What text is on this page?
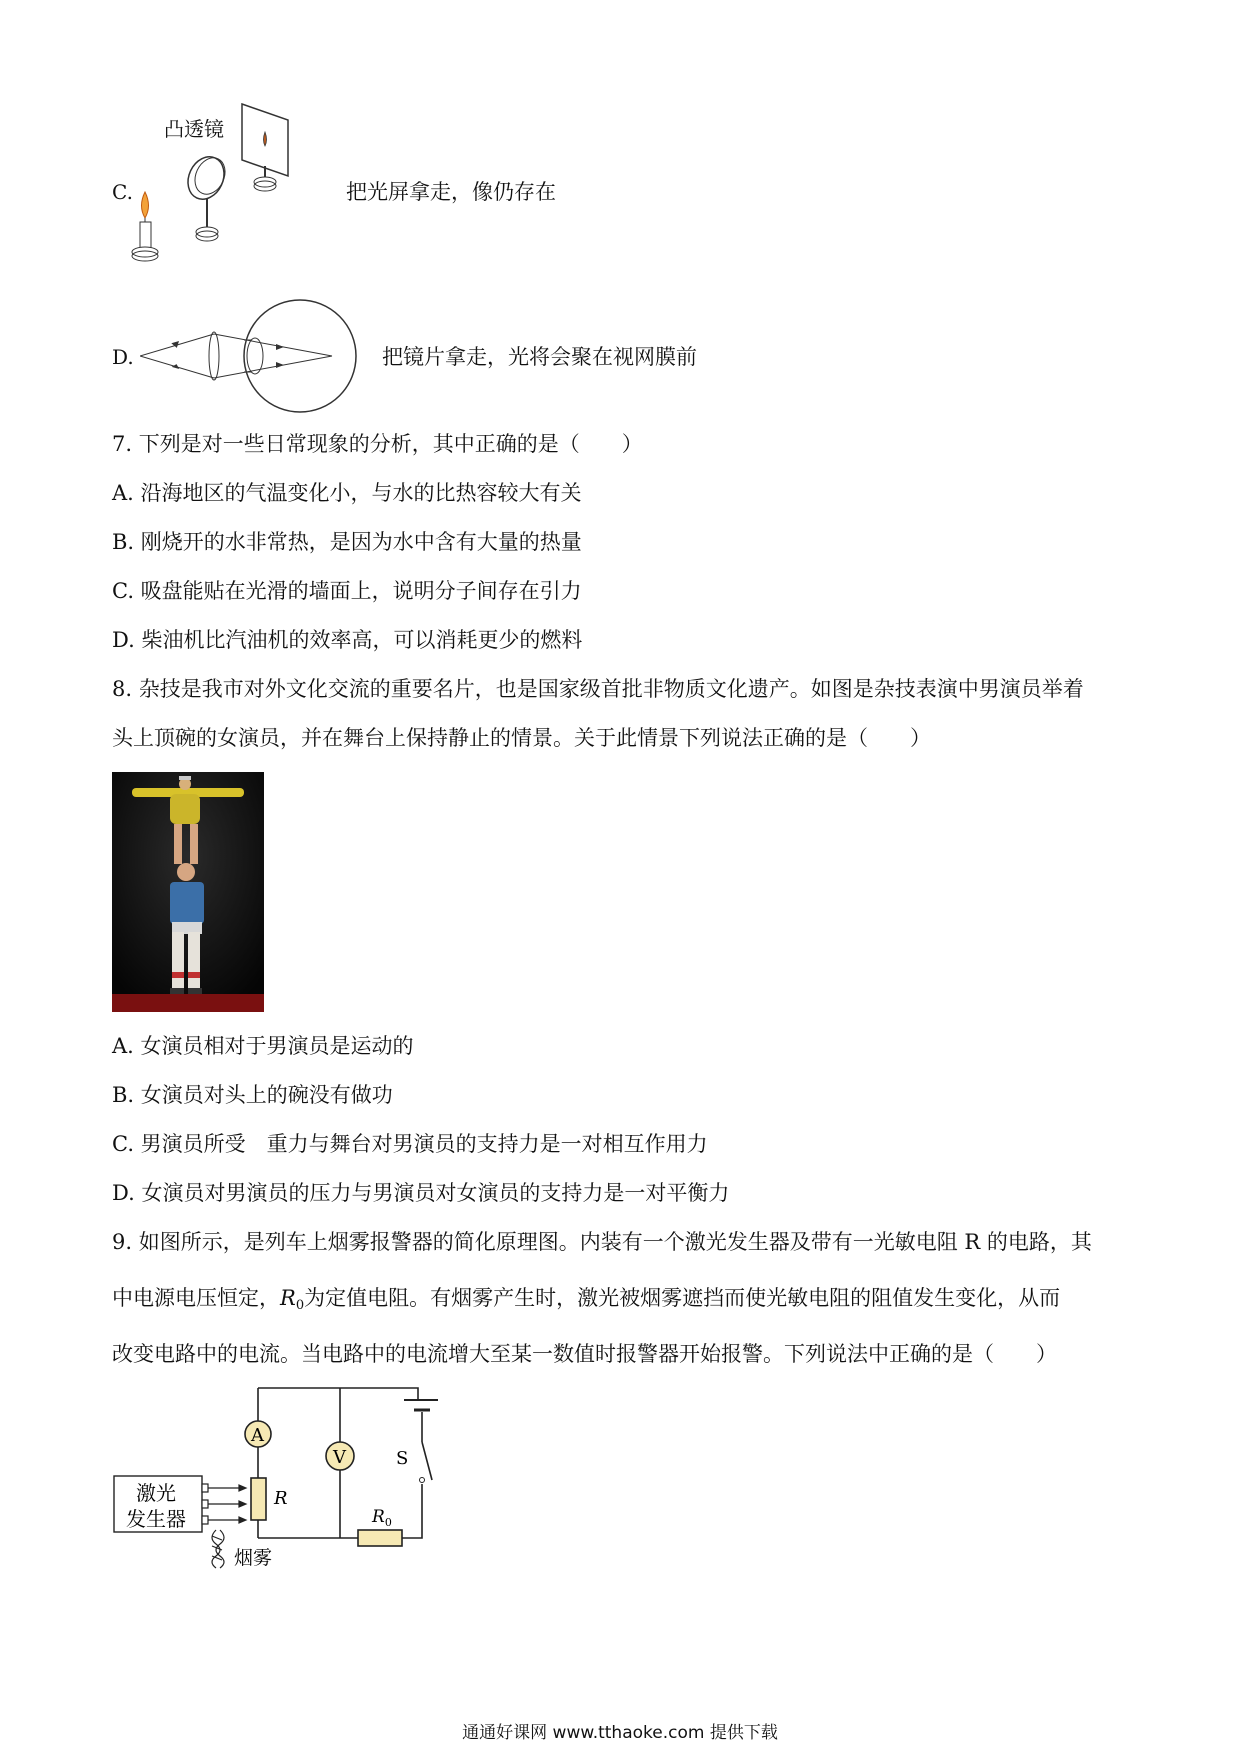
C.
凸透镜
把光屏拿走，像仍存在
D.	把镜片拿走，光将会聚在视网膜前
7. 下列是对一些日常现象的分析，其中正确的是（　　）
A. 沿海地区的气温变化小，与水的比热容较大有关
B. 刚烧开的水非常热，是因为水中含有大量的热量
C. 吸盘能贴在光滑的墙面上，说明分子间存在引力
D. 柴油机比汽油机的效率高，可以消耗更少的燃料
8. 杂技是我市对外文化交流的重要名片，也是国家级首批非物质文化遗产。如图是杂技表演中男演员举着
头上顶碗的女演员，并在舞台上保持静止的情景。关于此情景下列说法正确的是（　　）
A. 女演员相对于男演员是运动的
B. 女演员对头上的碗没有做功
C. 男演员所受　重力与舞台对男演员的支持力是一对相互作用力
D. 女演员对男演员的压力与男演员对女演员的支持力是一对平衡力
9. 如图所示，是列车上烟雾报警器的简化原理图。内装有一个激光发生器及带有一光敏电阻 R 的电路，其
中电源电压恒定，$R_0$为定值电阻。有烟雾产生时，激光被烟雾遮挡而使光敏电阻的阻值发生变化，从而
改变电路中的电流。当电路中的电流增大至某一数值时报警器开始报警。下列说法中正确的是（　　）
S
A
V
R
$R_0$
激光
发生器
烟雾
通通好课网 www.tthaoke.com 提供下载
